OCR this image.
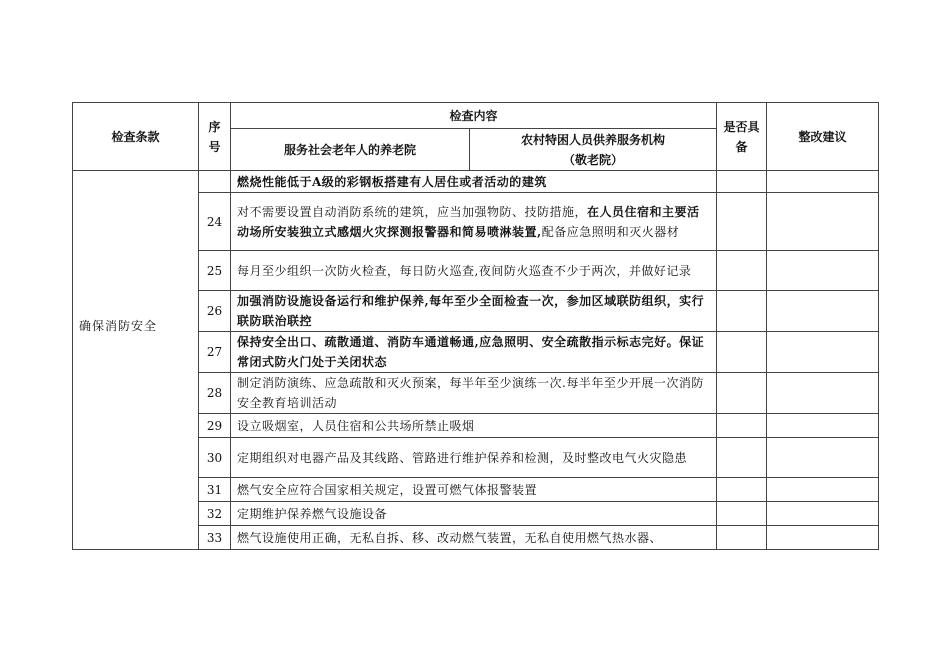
检查条款	序号	检查内容		是否具备	整改建议
		服务社会老年人的养老院	农村特困人员供养服务机构
（敬老院）		

确保消防安全		燃烧性能低于A级的彩钢板搭建有人居住或者活动的建筑			
	24	对不需要设置自动消防系统的建筑，应当加强物防、技防措施，在人员住宿和主要活动场所安装独立式感烟火灾探测报警器和简易喷淋装置,配备应急照明和灭火器材			
	25	每月至少组织一次防火检查，每日防火巡查,夜间防火巡查不少于两次，并做好记录			
	26	加强消防设施设备运行和维护保养,每年至少全面检查一次，参加区域联防组织，实行联防联治联控			
	27	保持安全出口、疏散通道、消防车通道畅通,应急照明、安全疏散指示标志完好。保证常闭式防火门处于关闭状态			
	28	制定消防演练、应急疏散和灭火预案，每半年至少演练一次.每半年至少开展一次消防安全教育培训活动			
	29	设立吸烟室，人员住宿和公共场所禁止吸烟			
	30	定期组织对电器产品及其线路、管路进行维护保养和检测，及时整改电气火灾隐患			
	31	燃气安全应符合国家相关规定，设置可燃气体报警装置			
	32	定期维护保养燃气设施设备			
	33	燃气设施使用正确，无私自拆、移、改动燃气装置，无私自使用燃气热水器、			
